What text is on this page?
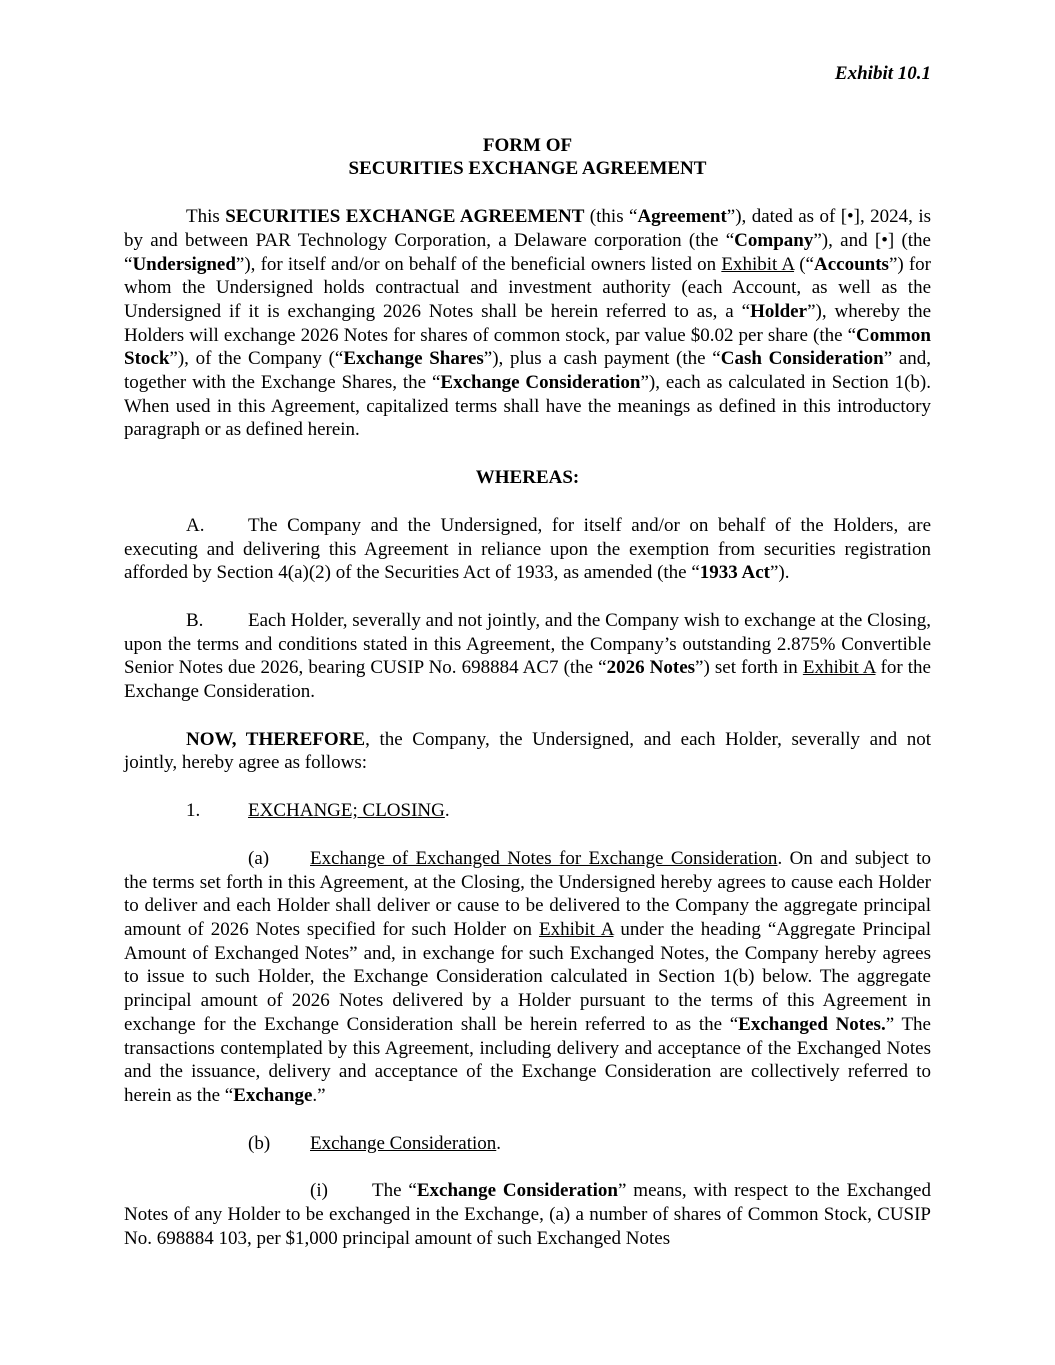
Exhibit 10.1

FORM OF
SECURITIES EXCHANGE AGREEMENT

This SECURITIES EXCHANGE AGREEMENT (this “Agreement”), dated as of [•], 2024, is by and between PAR Technology Corporation, a Delaware corporation (the “Company”), and [•] (the “Undersigned”), for itself and/or on behalf of the beneficial owners listed on Exhibit A (“Accounts”) for whom the Undersigned holds contractual and investment authority (each Account, as well as the Undersigned if it is exchanging 2026 Notes shall be herein referred to as, a “Holder”), whereby the Holders will exchange 2026 Notes for shares of common stock, par value $0.02 per share (the “Common Stock”), of the Company (“Exchange Shares”), plus a cash payment (the “Cash Consideration” and, together with the Exchange Shares, the “Exchange Consideration”), each as calculated in Section 1(b). When used in this Agreement, capitalized terms shall have the meanings as defined in this introductory paragraph or as defined herein.

WHEREAS:

A. The Company and the Undersigned, for itself and/or on behalf of the Holders, are executing and delivering this Agreement in reliance upon the exemption from securities registration afforded by Section 4(a)(2) of the Securities Act of 1933, as amended (the “1933 Act”).

B. Each Holder, severally and not jointly, and the Company wish to exchange at the Closing, upon the terms and conditions stated in this Agreement, the Company’s outstanding 2.875% Convertible Senior Notes due 2026, bearing CUSIP No. 698884 AC7 (the “2026 Notes”) set forth in Exhibit A for the Exchange Consideration.

NOW, THEREFORE, the Company, the Undersigned, and each Holder, severally and not jointly, hereby agree as follows:

1.	EXCHANGE; CLOSING.

(a) Exchange of Exchanged Notes for Exchange Consideration. On and subject to the terms set forth in this Agreement, at the Closing, the Undersigned hereby agrees to cause each Holder to deliver and each Holder shall deliver or cause to be delivered to the Company the aggregate principal amount of 2026 Notes specified for such Holder on Exhibit A under the heading “Aggregate Principal Amount of Exchanged Notes” and, in exchange for such Exchanged Notes, the Company hereby agrees to issue to such Holder, the Exchange Consideration calculated in Section 1(b) below. The aggregate principal amount of 2026 Notes delivered by a Holder pursuant to the terms of this Agreement in exchange for the Exchange Consideration shall be herein referred to as the “Exchanged Notes.” The transactions contemplated by this Agreement, including delivery and acceptance of the Exchanged Notes and the issuance, delivery and acceptance of the Exchange Consideration are collectively referred to herein as the “Exchange.”

(b) Exchange Consideration.

(i) The “Exchange Consideration” means, with respect to the Exchanged Notes of any Holder to be exchanged in the Exchange, (a) a number of shares of Common Stock, CUSIP No. 698884 103, per $1,000 principal amount of such Exchanged Notes
